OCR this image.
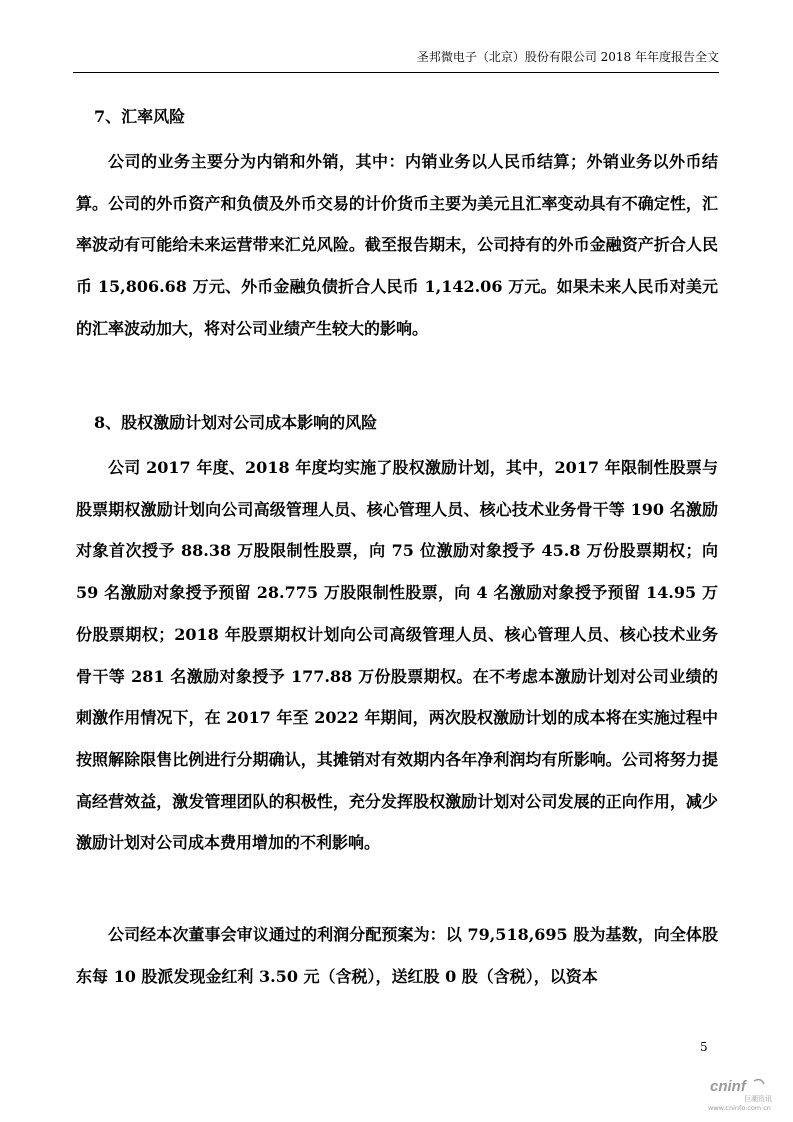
圣邦微电子（北京）股份有限公司 2018 年年度报告全文
7、汇率风险

公司的业务主要分为内销和外销，其中：内销业务以人民币结算；外销业务以外币结算。公司的外币资产和负债及外币交易的计价货币主要为美元且汇率变动具有不确定性，汇率波动有可能给未来运营带来汇兑风险。截至报告期末，公司持有的外币金融资产折合人民币 15,806.68 万元、外币金融负债折合人民币 1,142.06 万元。如果未来人民币对美元的汇率波动加大，将对公司业绩产生较大的影响。

8、股权激励计划对公司成本影响的风险

公司 2017 年度、2018 年度均实施了股权激励计划，其中，2017 年限制性股票与股票期权激励计划向公司高级管理人员、核心管理人员、核心技术业务骨干等 190 名激励对象首次授予 88.38 万股限制性股票，向 75 位激励对象授予 45.8 万份股票期权；向 59 名激励对象授予预留 28.775 万股限制性股票，向 4 名激励对象授予预留 14.95 万份股票期权；2018 年股票期权计划向公司高级管理人员、核心管理人员、核心技术业务骨干等 281 名激励对象授予 177.88 万份股票期权。在不考虑本激励计划对公司业绩的刺激作用情况下，在 2017 年至 2022 年期间，两次股权激励计划的成本将在实施过程中按照解除限售比例进行分期确认，其摊销对有效期内各年净利润均有所影响。公司将努力提高经营效益，激发管理团队的积极性，充分发挥股权激励计划对公司发展的正向作用，减少激励计划对公司成本费用增加的不利影响。

公司经本次董事会审议通过的利润分配预案为：以 79,518,695 股为基数，向全体股东每 10 股派发现金红利 3.50 元（含税），送红股 0 股（含税），以资本

5
cninf
巨潮资讯
www.cninfo.com.cn
